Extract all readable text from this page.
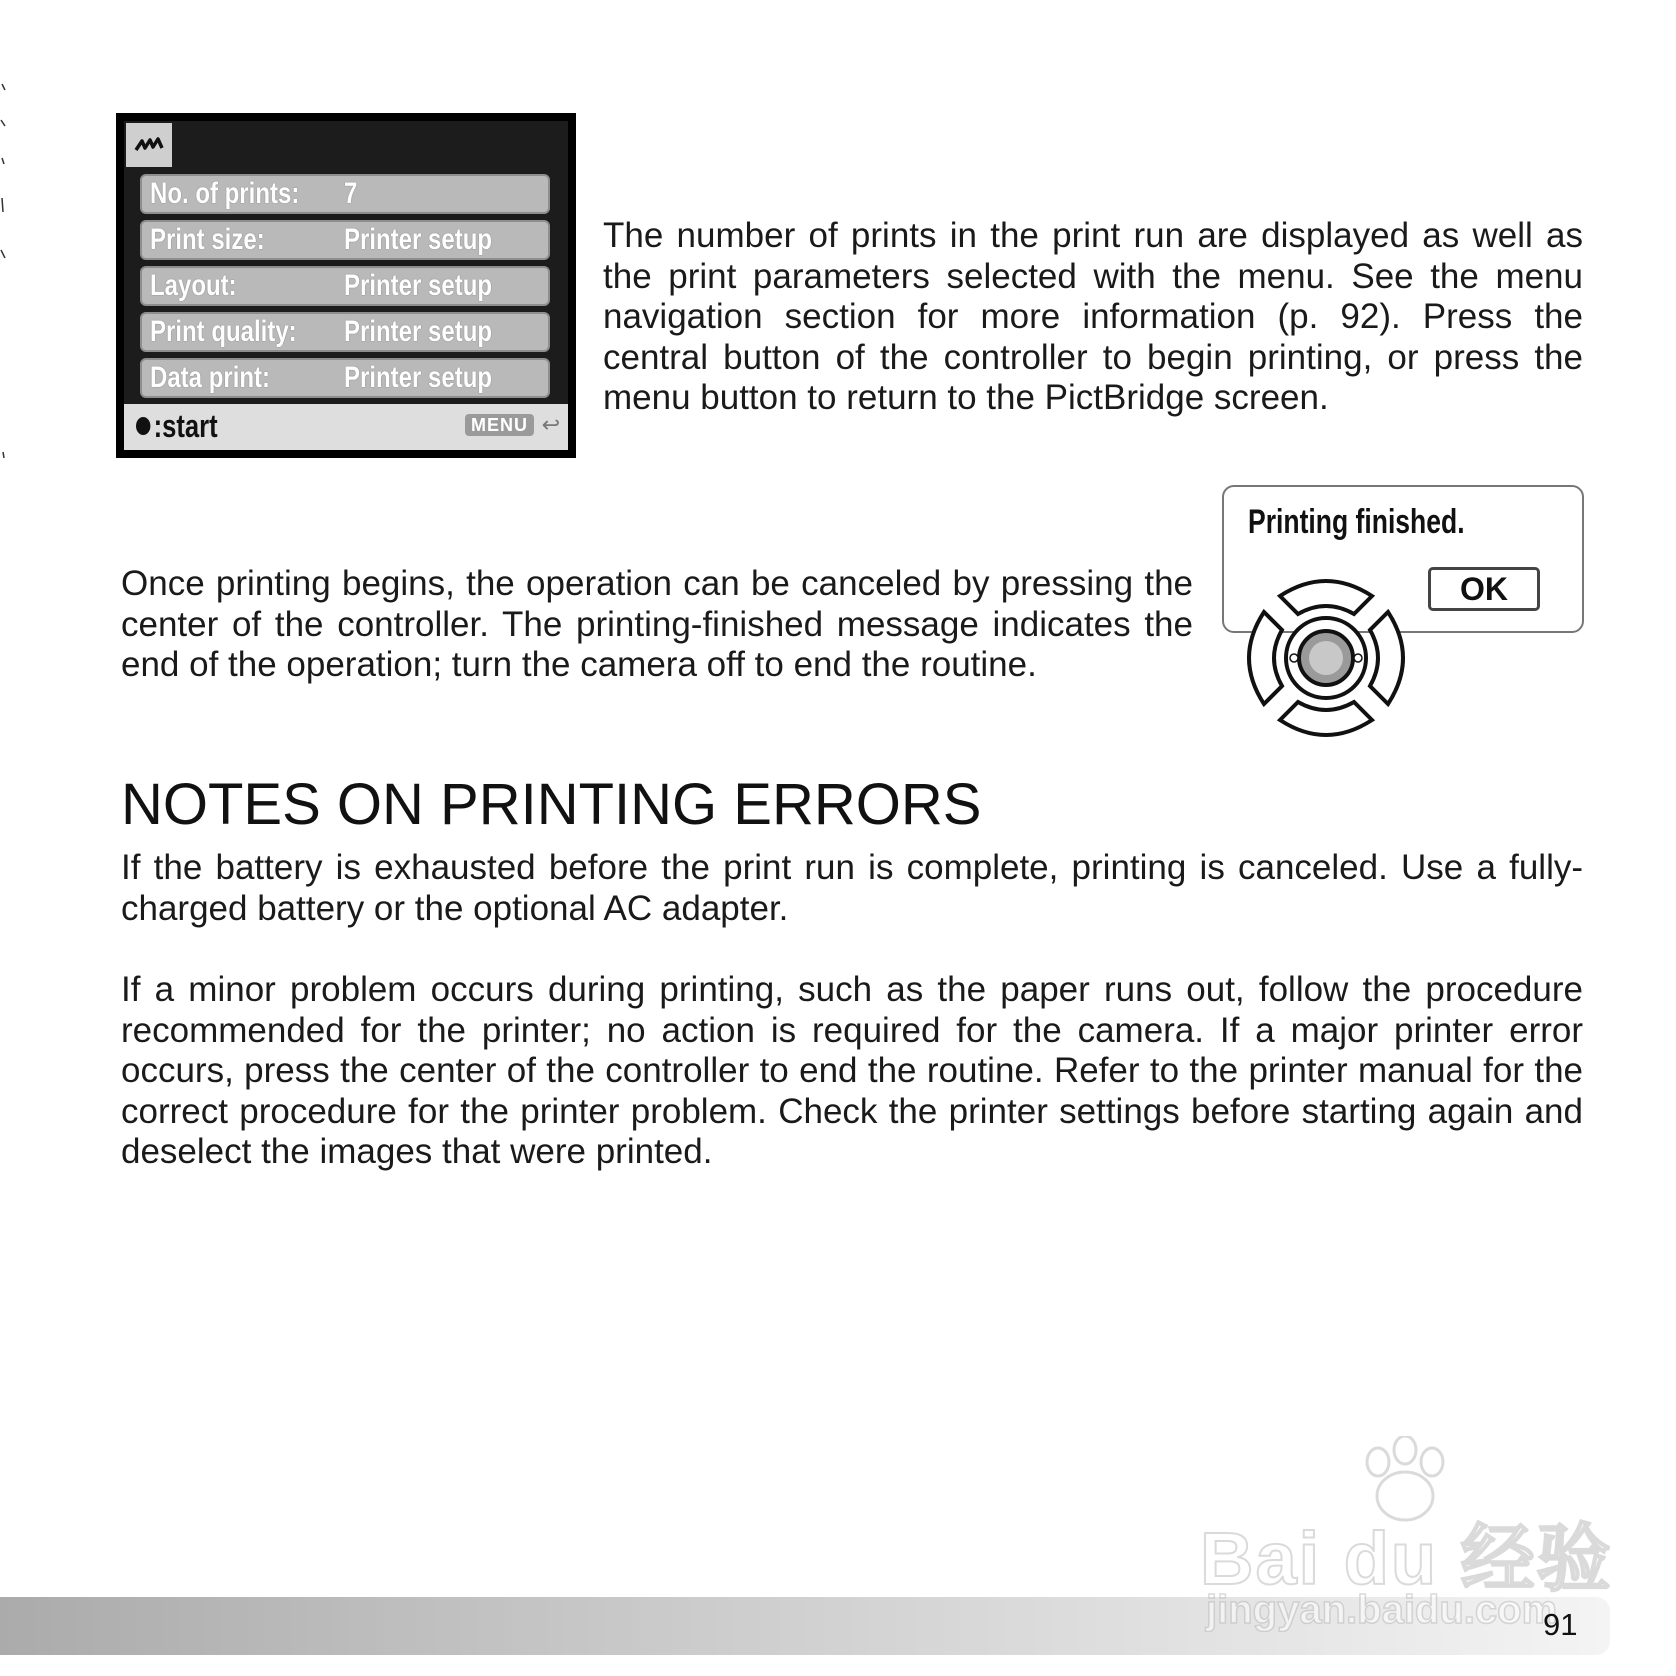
No. of prints: 7
Print size:	Printer setup
Layout:	Printer setup
Print quality: Printer setup
Data print: Printer setup
:start	MENU ↩

The number of prints in the print run are displayed as well as the print parameters selected with the menu. See the menu navigation section for more information (p. 92). Press the central button of the controller to begin printing, or press the menu button to return to the PictBridge screen.

Once printing begins, the operation can be canceled by pressing the center of the controller. The printing-finished message indicates the end of the operation; turn the camera off to end the routine.

Printing finished.
OK
NOTES ON PRINTING ERRORS

If the battery is exhausted before the print run is complete, printing is canceled. Use a fully-charged battery or the optional AC adapter.

If a minor problem occurs during printing, such as the paper runs out, follow the procedure recommended for the printer; no action is required for the camera. If a major printer error occurs, press the center of the controller to end the routine. Refer to the printer manual for the correct procedure for the printer problem. Check the printer settings before starting again and deselect the images that were printed.

Bai du 经验
jingyan.baidu.com
91
